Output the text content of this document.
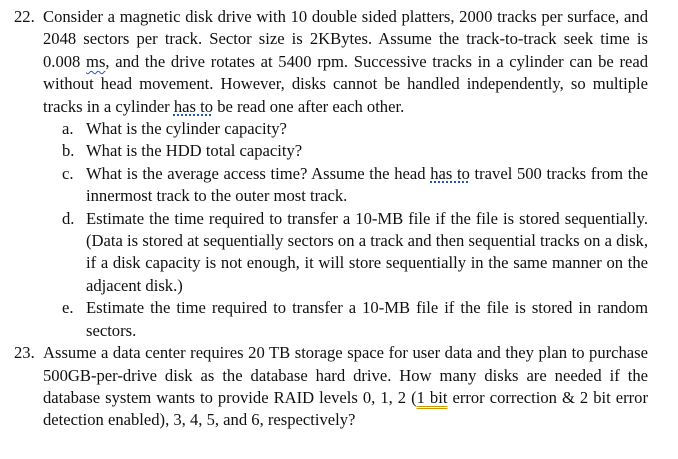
22. Consider a magnetic disk drive with 10 double sided platters, 2000 tracks per surface, and 2048 sectors per track. Sector size is 2KBytes. Assume the track-to-track seek time is 0.008 ms, and the drive rotates at 5400 rpm. Successive tracks in a cylinder can be read without head movement. However, disks cannot be handled independently, so multiple tracks in a cylinder has to be read one after each other.
a. What is the cylinder capacity?
b. What is the HDD total capacity?
c. What is the average access time? Assume the head has to travel 500 tracks from the innermost track to the outer most track.
d. Estimate the time required to transfer a 10-MB file if the file is stored sequentially. (Data is stored at sequentially sectors on a track and then sequential tracks on a disk, if a disk capacity is not enough, it will store sequentially in the same manner on the adjacent disk.)
e. Estimate the time required to transfer a 10-MB file if the file is stored in random sectors.
23. Assume a data center requires 20 TB storage space for user data and they plan to purchase 500GB-per-drive disk as the database hard drive. How many disks are needed if the database system wants to provide RAID levels 0, 1, 2 (1 bit error correction & 2 bit error detection enabled), 3, 4, 5, and 6, respectively?
